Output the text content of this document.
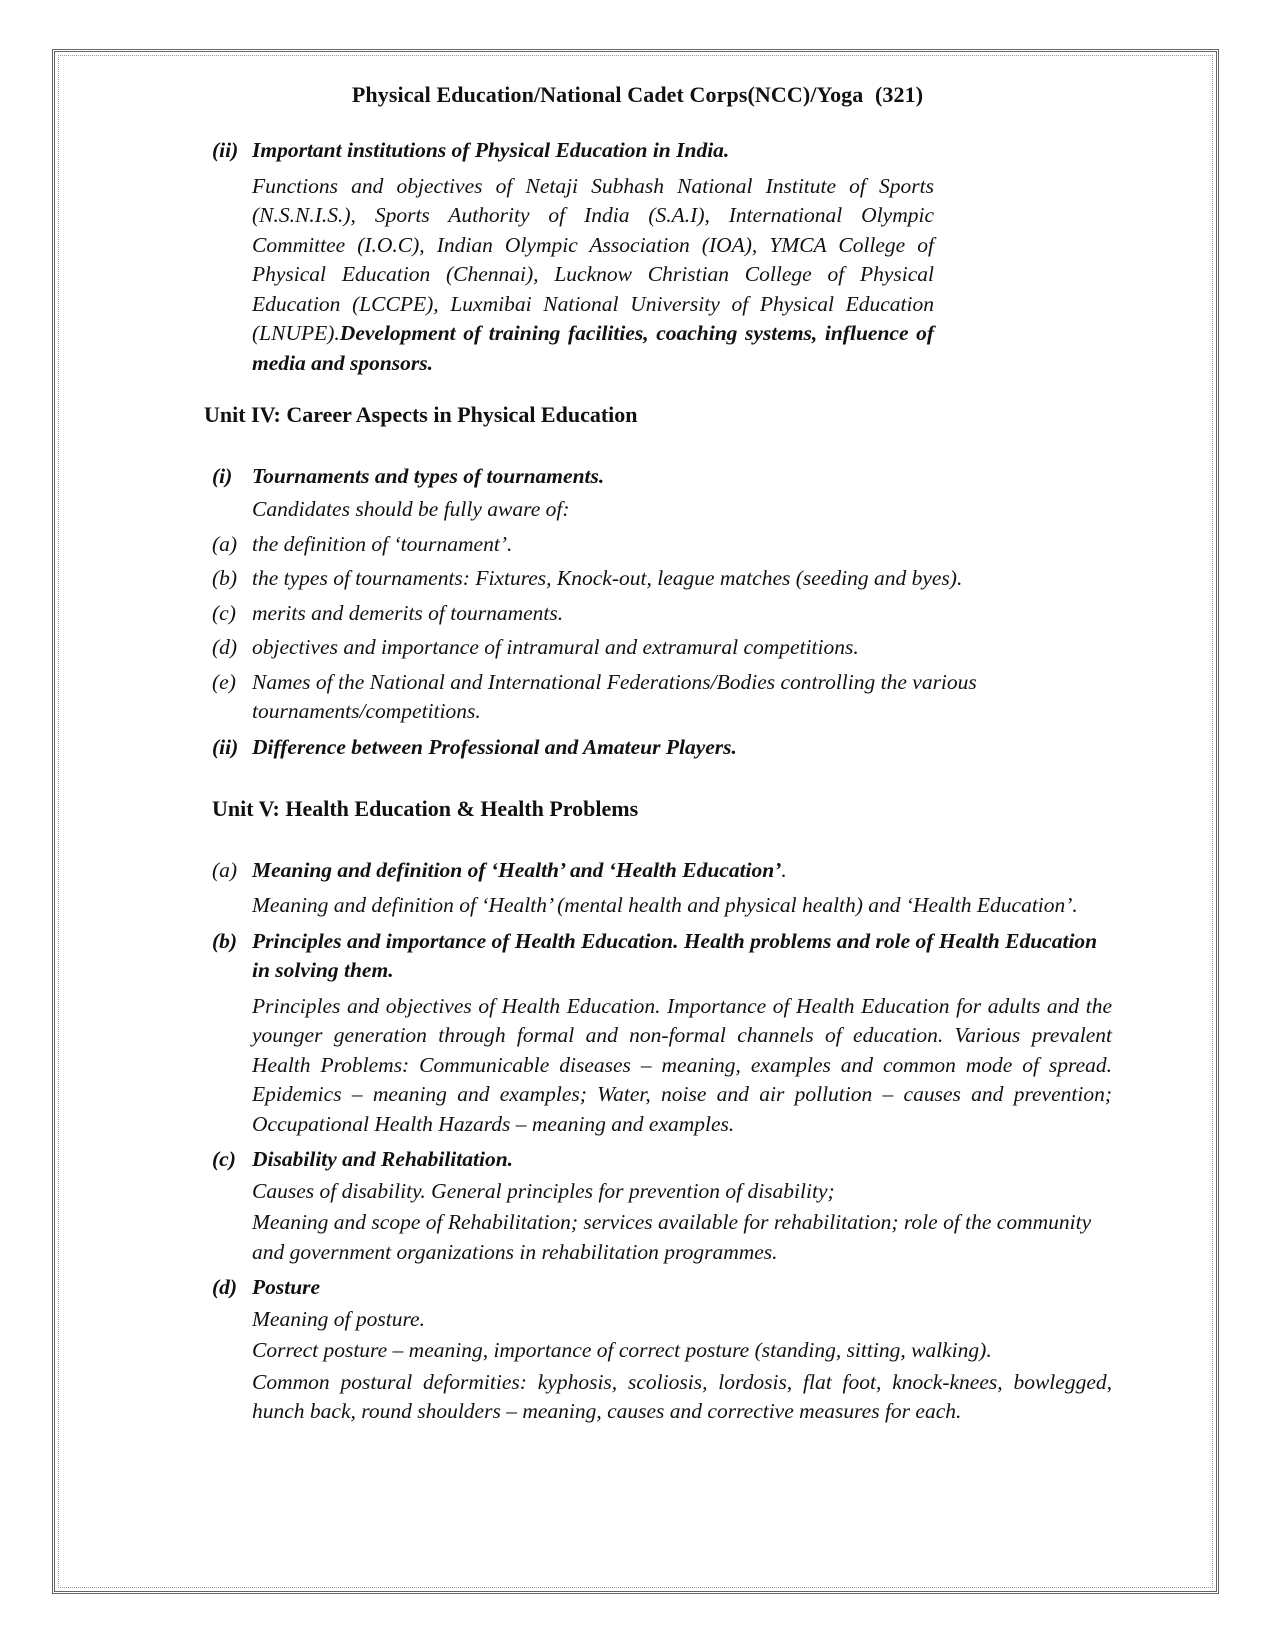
Physical Education/National Cadet Corps(NCC)/Yoga (321)
(ii) Important institutions of Physical Education in India.
Functions and objectives of Netaji Subhash National Institute of Sports (N.S.N.I.S.), Sports Authority of India (S.A.I), International Olympic Committee (I.O.C), Indian Olympic Association (IOA), YMCA College of Physical Education (Chennai), Lucknow Christian College of Physical Education (LCCPE), Luxmibai National University of Physical Education (LNUPE).Development of training facilities, coaching systems, influence of media and sponsors.
Unit IV: Career Aspects in Physical Education
(i) Tournaments and types of tournaments.
Candidates should be fully aware of:
(a) the definition of ‘tournament’.
(b) the types of tournaments: Fixtures, Knock-out, league matches (seeding and byes).
(c) merits and demerits of tournaments.
(d) objectives and importance of intramural and extramural competitions.
(e) Names of the National and International Federations/Bodies controlling the various tournaments/competitions.
(ii) Difference between Professional and Amateur Players.
Unit V: Health Education & Health Problems
(a) Meaning and definition of ‘Health’ and ‘Health Education’.
Meaning and definition of ‘Health’ (mental health and physical health) and ‘Health Education’.
(b) Principles and importance of Health Education. Health problems and role of Health Education in solving them.
Principles and objectives of Health Education. Importance of Health Education for adults and the younger generation through formal and non-formal channels of education. Various prevalent Health Problems: Communicable diseases – meaning, examples and common mode of spread. Epidemics – meaning and examples; Water, noise and air pollution – causes and prevention; Occupational Health Hazards – meaning and examples.
(c) Disability and Rehabilitation.
Causes of disability. General principles for prevention of disability;
Meaning and scope of Rehabilitation; services available for rehabilitation; role of the community and government organizations in rehabilitation programmes.
(d) Posture
Meaning of posture.
Correct posture – meaning, importance of correct posture (standing, sitting, walking).
Common postural deformities: kyphosis, scoliosis, lordosis, flat foot, knock-knees, bowlegged, hunch back, round shoulders – meaning, causes and corrective measures for each.
